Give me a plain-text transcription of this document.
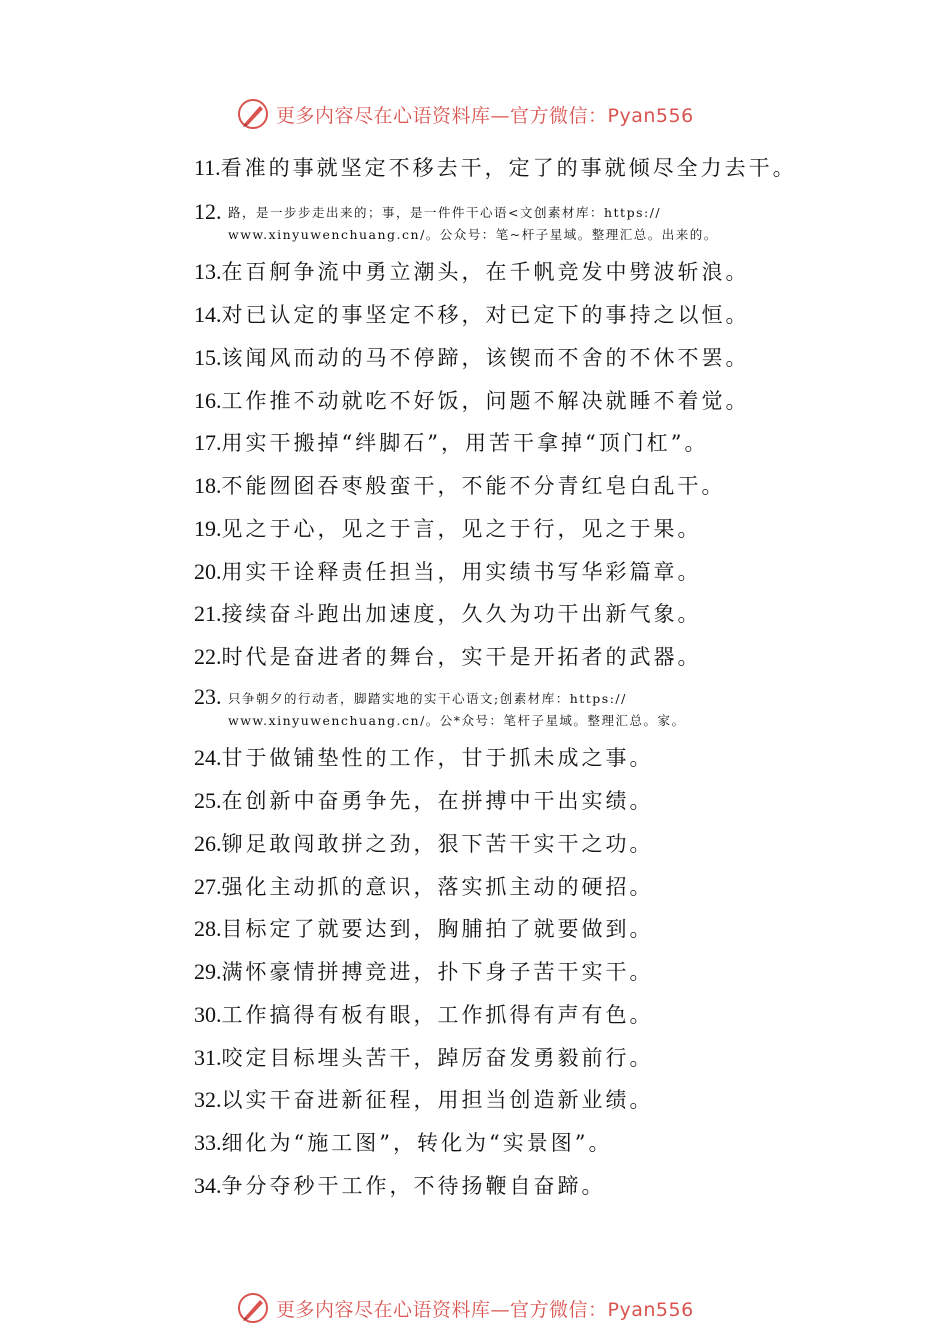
更多内容尽在心语资料库—官方微信：Pyan556
11.看准的事就坚定不移去干，定了的事就倾尽全力去干。
12. 路，是一步步走出来的；事，是一件件干心语<文创素材库：https://
www.xinyuwenchuang.cn/。公众号：笔~杆子星域。整理汇总。出来的。
13.在百舸争流中勇立潮头，在千帆竞发中劈波斩浪。
14.对已认定的事坚定不移，对已定下的事持之以恒。
15.该闻风而动的马不停蹄，该锲而不舍的不休不罢。
16.工作推不动就吃不好饭，问题不解决就睡不着觉。
17.用实干搬掉“绊脚石”，用苦干拿掉“顶门杠”。
18.不能囫囵吞枣般蛮干，不能不分青红皂白乱干。
19.见之于心，见之于言，见之于行，见之于果。
20.用实干诠释责任担当，用实绩书写华彩篇章。
21.接续奋斗跑出加速度，久久为功干出新气象。
22.时代是奋进者的舞台，实干是开拓者的武器。
23. 只争朝夕的行动者，脚踏实地的实干心语文;创素材库：https://
www.xinyuwenchuang.cn/。公*众号：笔杆子星域。整理汇总。家。
24.甘于做铺垫性的工作，甘于抓未成之事。
25.在创新中奋勇争先，在拼搏中干出实绩。
26.铆足敢闯敢拼之劲，狠下苦干实干之功。
27.强化主动抓的意识，落实抓主动的硬招。
28.目标定了就要达到，胸脯拍了就要做到。
29.满怀豪情拼搏竞进，扑下身子苦干实干。
30.工作搞得有板有眼，工作抓得有声有色。
31.咬定目标埋头苦干，踔厉奋发勇毅前行。
32.以实干奋进新征程，用担当创造新业绩。
33.细化为“施工图”，转化为“实景图”。
34.争分夺秒干工作，不待扬鞭自奋蹄。
更多内容尽在心语资料库—官方微信：Pyan556
